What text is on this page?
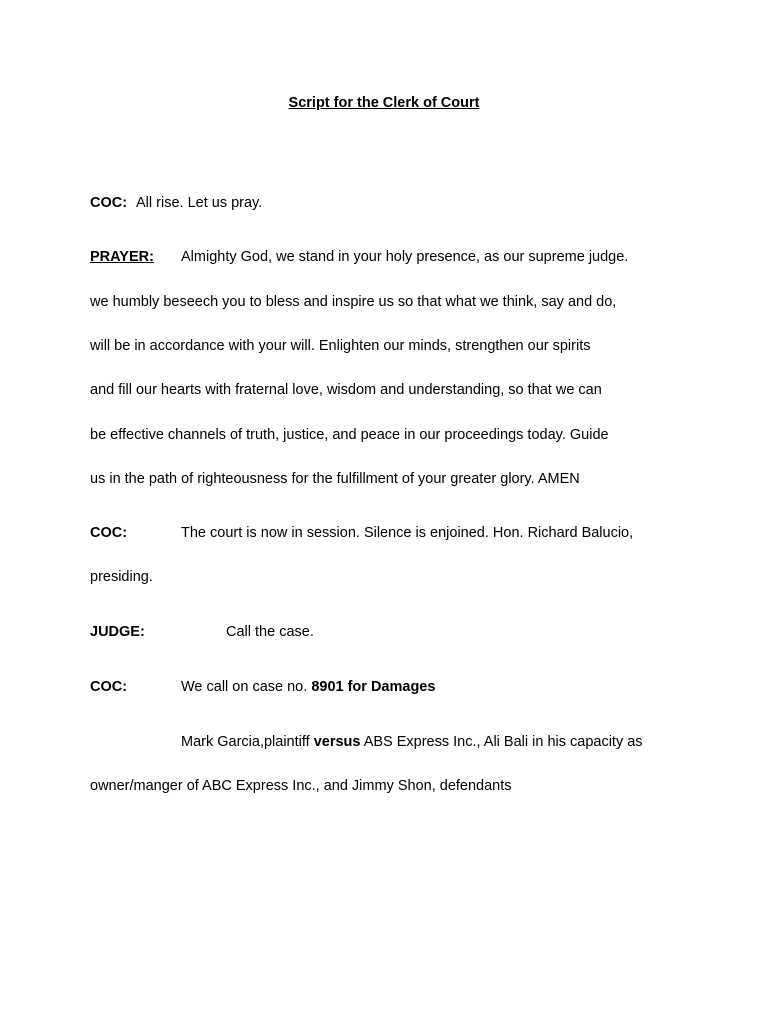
Script for the Clerk of Court
COC: All rise. Let us pray.
PRAYER: Almighty God, we stand in your holy presence, as our supreme judge.
we humbly beseech you to bless and inspire us so that what we think, say and do,
will be in accordance with your will. Enlighten our minds, strengthen our spirits
and fill our hearts with fraternal love, wisdom and understanding, so that we can
be effective channels of truth, justice, and peace in our proceedings today. Guide
us in the path of righteousness for the fulfillment of your greater glory. AMEN
COC:	The court is now in session. Silence is enjoined. Hon. Richard Balucio,
presiding.
JUDGE:	Call the case.
COC:	We call on case no. 8901 for Damages
Mark Garcia,plaintiff versus ABS Express Inc., Ali Bali in his capacity as
owner/manger of ABC Express Inc., and Jimmy Shon, defendants
